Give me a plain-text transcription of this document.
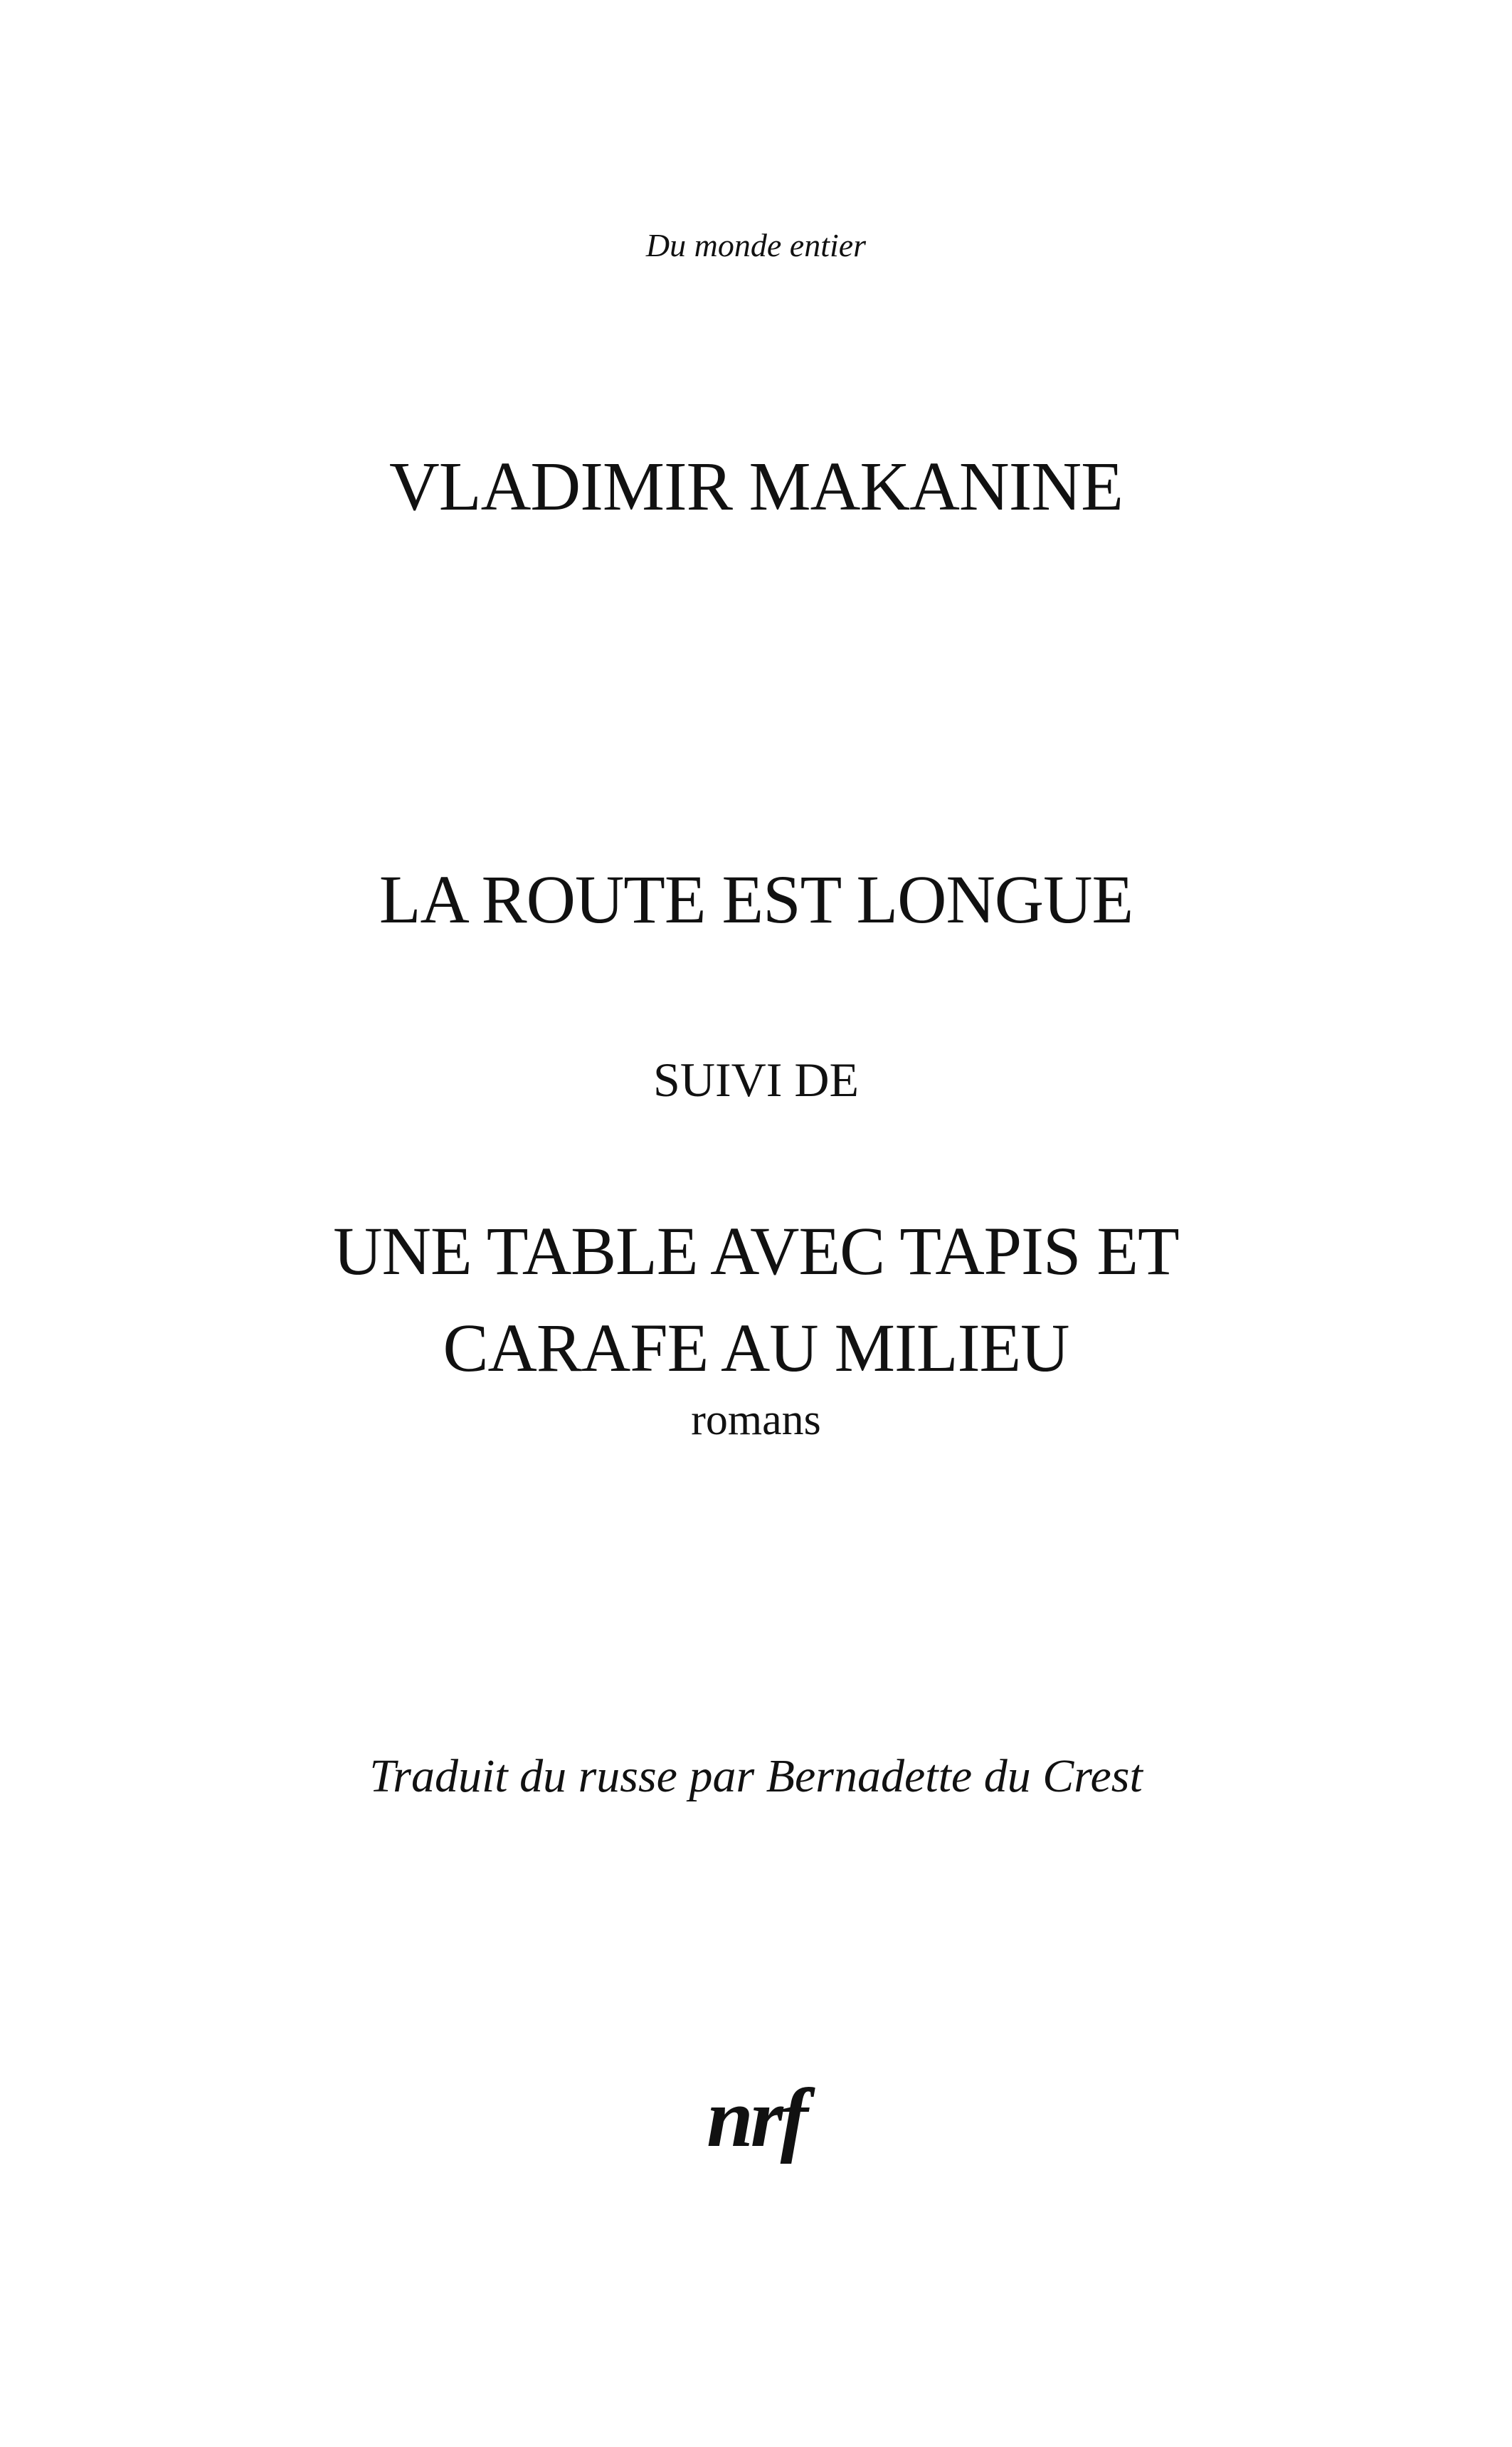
Du monde entier
VLADIMIR MAKANINE
LA ROUTE EST LONGUE
SUIVI DE
UNE TABLE AVEC TAPIS ET
CARAFE AU MILIEU
romans
Traduit du russe par Bernadette du Crest
nrf
